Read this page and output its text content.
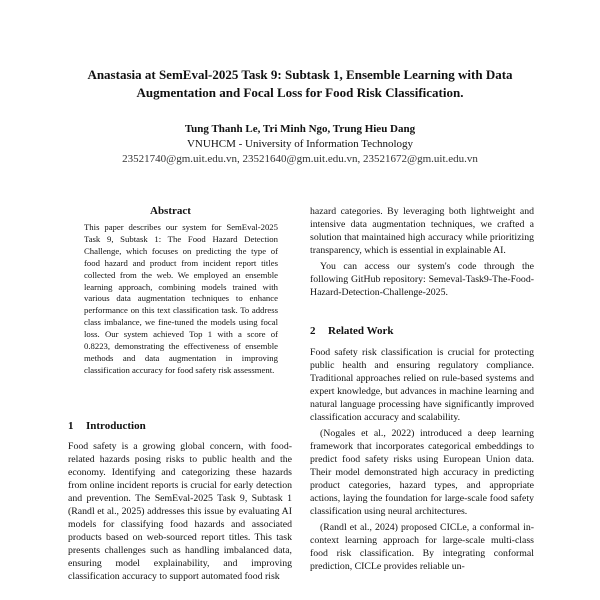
Anastasia at SemEval-2025 Task 9: Subtask 1, Ensemble Learning with Data Augmentation and Focal Loss for Food Risk Classification.
Tung Thanh Le, Tri Minh Ngo, Trung Hieu Dang
VNUHCM - University of Information Technology
23521740@gm.uit.edu.vn, 23521640@gm.uit.edu.vn, 23521672@gm.uit.edu.vn
Abstract
This paper describes our system for SemEval-2025 Task 9, Subtask 1: The Food Hazard Detection Challenge, which focuses on predicting the type of food hazard and product from incident report titles collected from the web. We employed an ensemble learning approach, combining models trained with various data augmentation techniques to enhance performance on this text classification task. To address class imbalance, we fine-tuned the models using focal loss. Our system achieved Top 1 with a score of 0.8223, demonstrating the effectiveness of ensemble methods and data augmentation in improving classification accuracy for food safety risk assessment.
1 Introduction

Food safety is a growing global concern, with food-related hazards posing risks to public health and the economy. Identifying and categorizing these hazards from online incident reports is crucial for early detection and prevention. The SemEval-2025 Task 9, Subtask 1 (Randl et al., 2025) addresses this issue by evaluating AI models for classifying food hazards and associated products based on web-sourced report titles. This task presents challenges such as handling imbalanced data, ensuring model explainability, and improving classification accuracy to support automated food risk

hazard categories. By leveraging both lightweight and intensive data augmentation techniques, we crafted a solution that maintained high accuracy while prioritizing transparency, which is essential in explainable AI.

You can access our system's code through the following GitHub repository: Semeval-Task9-The-Food-Hazard-Detection-Challenge-2025.

2 Related Work

Food safety risk classification is crucial for protecting public health and ensuring regulatory compliance. Traditional approaches relied on rule-based systems and expert knowledge, but advances in machine learning and natural language processing have significantly improved classification accuracy and scalability.

(Nogales et al., 2022) introduced a deep learning framework that incorporates categorical embeddings to predict food safety risks using European Union data. Their model demonstrated high accuracy in predicting product categories, hazard types, and appropriate actions, laying the foundation for large-scale food safety classification using neural architectures.

(Randl et al., 2024) proposed CICLe, a conformal in-context learning approach for large-scale multi-class food risk classification. By integrating conformal prediction, CICLe provides reliable un-
